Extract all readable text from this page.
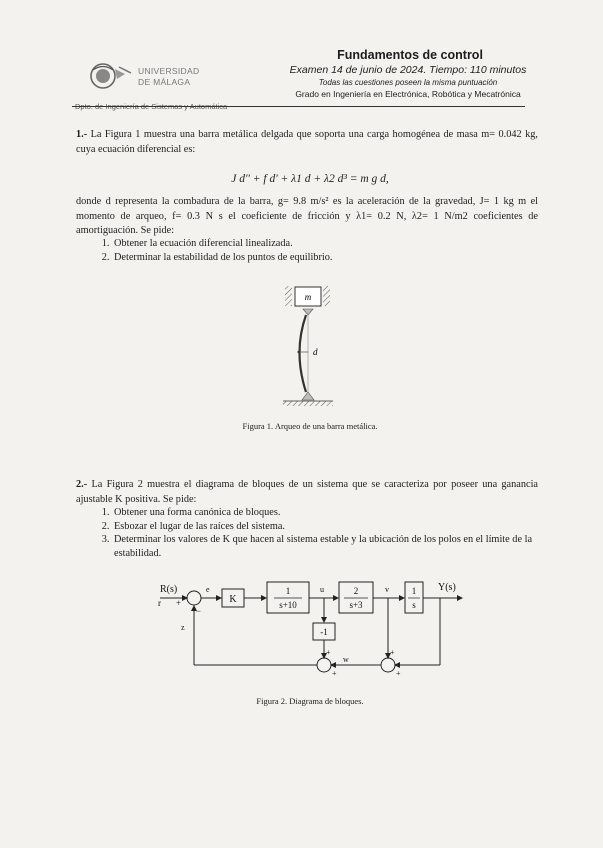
UNIVERSIDAD
DE MÁLAGA
Fundamentos de control
Examen 14 de junio de 2024. Tiempo: 110 minutos
Todas las cuestiones poseen la misma puntuación
Grado en Ingeniería en Electrónica, Robótica y Mecatrónica
1.- La Figura 1 muestra una barra metálica delgada que soporta una carga homogénea de masa m= 0.042 kg, cuya ecuación diferencial es:
J d'' + f d' + λ1 d + λ2 d³ = m g d,
donde d representa la combadura de la barra, g= 9.8 m/s² es la aceleración de la gravedad, J= 1 kg m el momento de arqueo, f= 0.3 N s el coeficiente de fricción y λ1= 0.2 N, λ2= 1 N/m2 coeficientes de amortiguación. Se pide:
1. Obtener la ecuación diferencial linealizada.
2. Determinar la estabilidad de los puntos de equilibrio.
m
d
Figura 1. Arqueo de una barra metálica.
2.- La Figura 2 muestra el diagrama de bloques de un sistema que se caracteriza por poseer una ganancia ajustable K positiva. Se pide:
1. Obtener una forma canónica de bloques.
2. Esbozar el lugar de las raíces del sistema.
3. Determinar los valores de K que hacen al sistema estable y la ubicación de los polos en el límite de la estabilidad.
R(s)
r +
−
e
K
1
s+10
u	2
s+3
v	1
s
Y(s)
-1
z
w
+
+
+
+
Figura 2. Diagrama de bloques.
